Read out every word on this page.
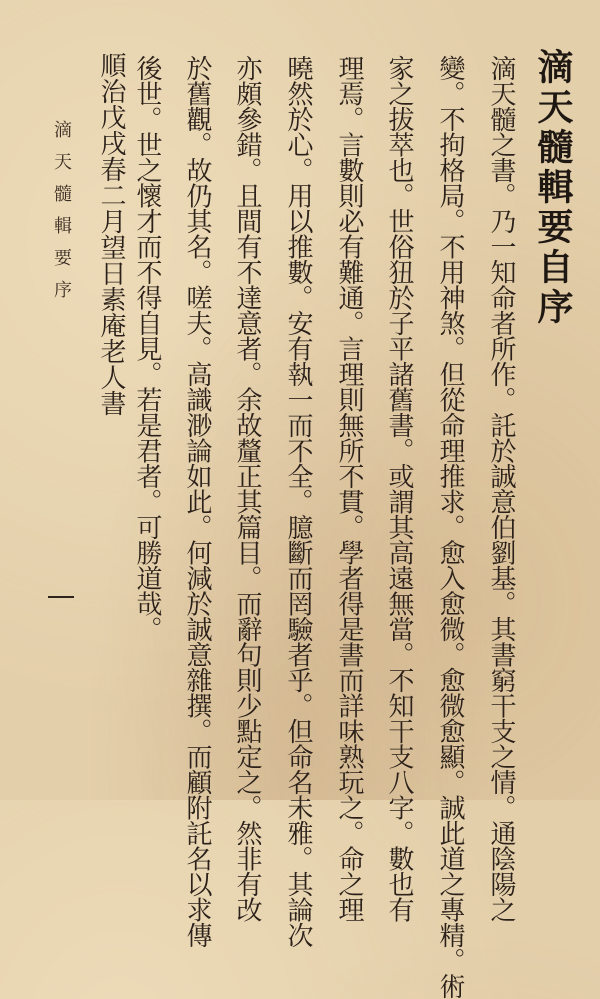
滴天髓輯要自序
滴天髓之書。乃一知命者所作。託於誠意伯劉基。其書窮干支之情。通陰陽之
變。不拘格局。不用神煞。但從命理推求。愈入愈微。愈微愈顯。誠此道之專精。術
家之拔萃也。世俗狃於子平諸舊書。或謂其高遠無當。不知干支八字。數也有
理焉。言數則必有難通。言理則無所不貫。學者得是書而詳味熟玩之。命之理
曉然於心。用以推數。安有執一而不全。臆斷而罔驗者乎。但命名未雅。其論次
亦頗參錯。且間有不達意者。余故釐正其篇目。而辭句則少點定之。然非有改
於舊觀。故仍其名。嗟夫。高識渺論如此。何減於誠意雜撰。而顧附託名以求傳
後世。世之懷才而不得自見。若是君者。可勝道哉。
順治戊戌春二月望日素庵老人書
滴天髓輯要序
